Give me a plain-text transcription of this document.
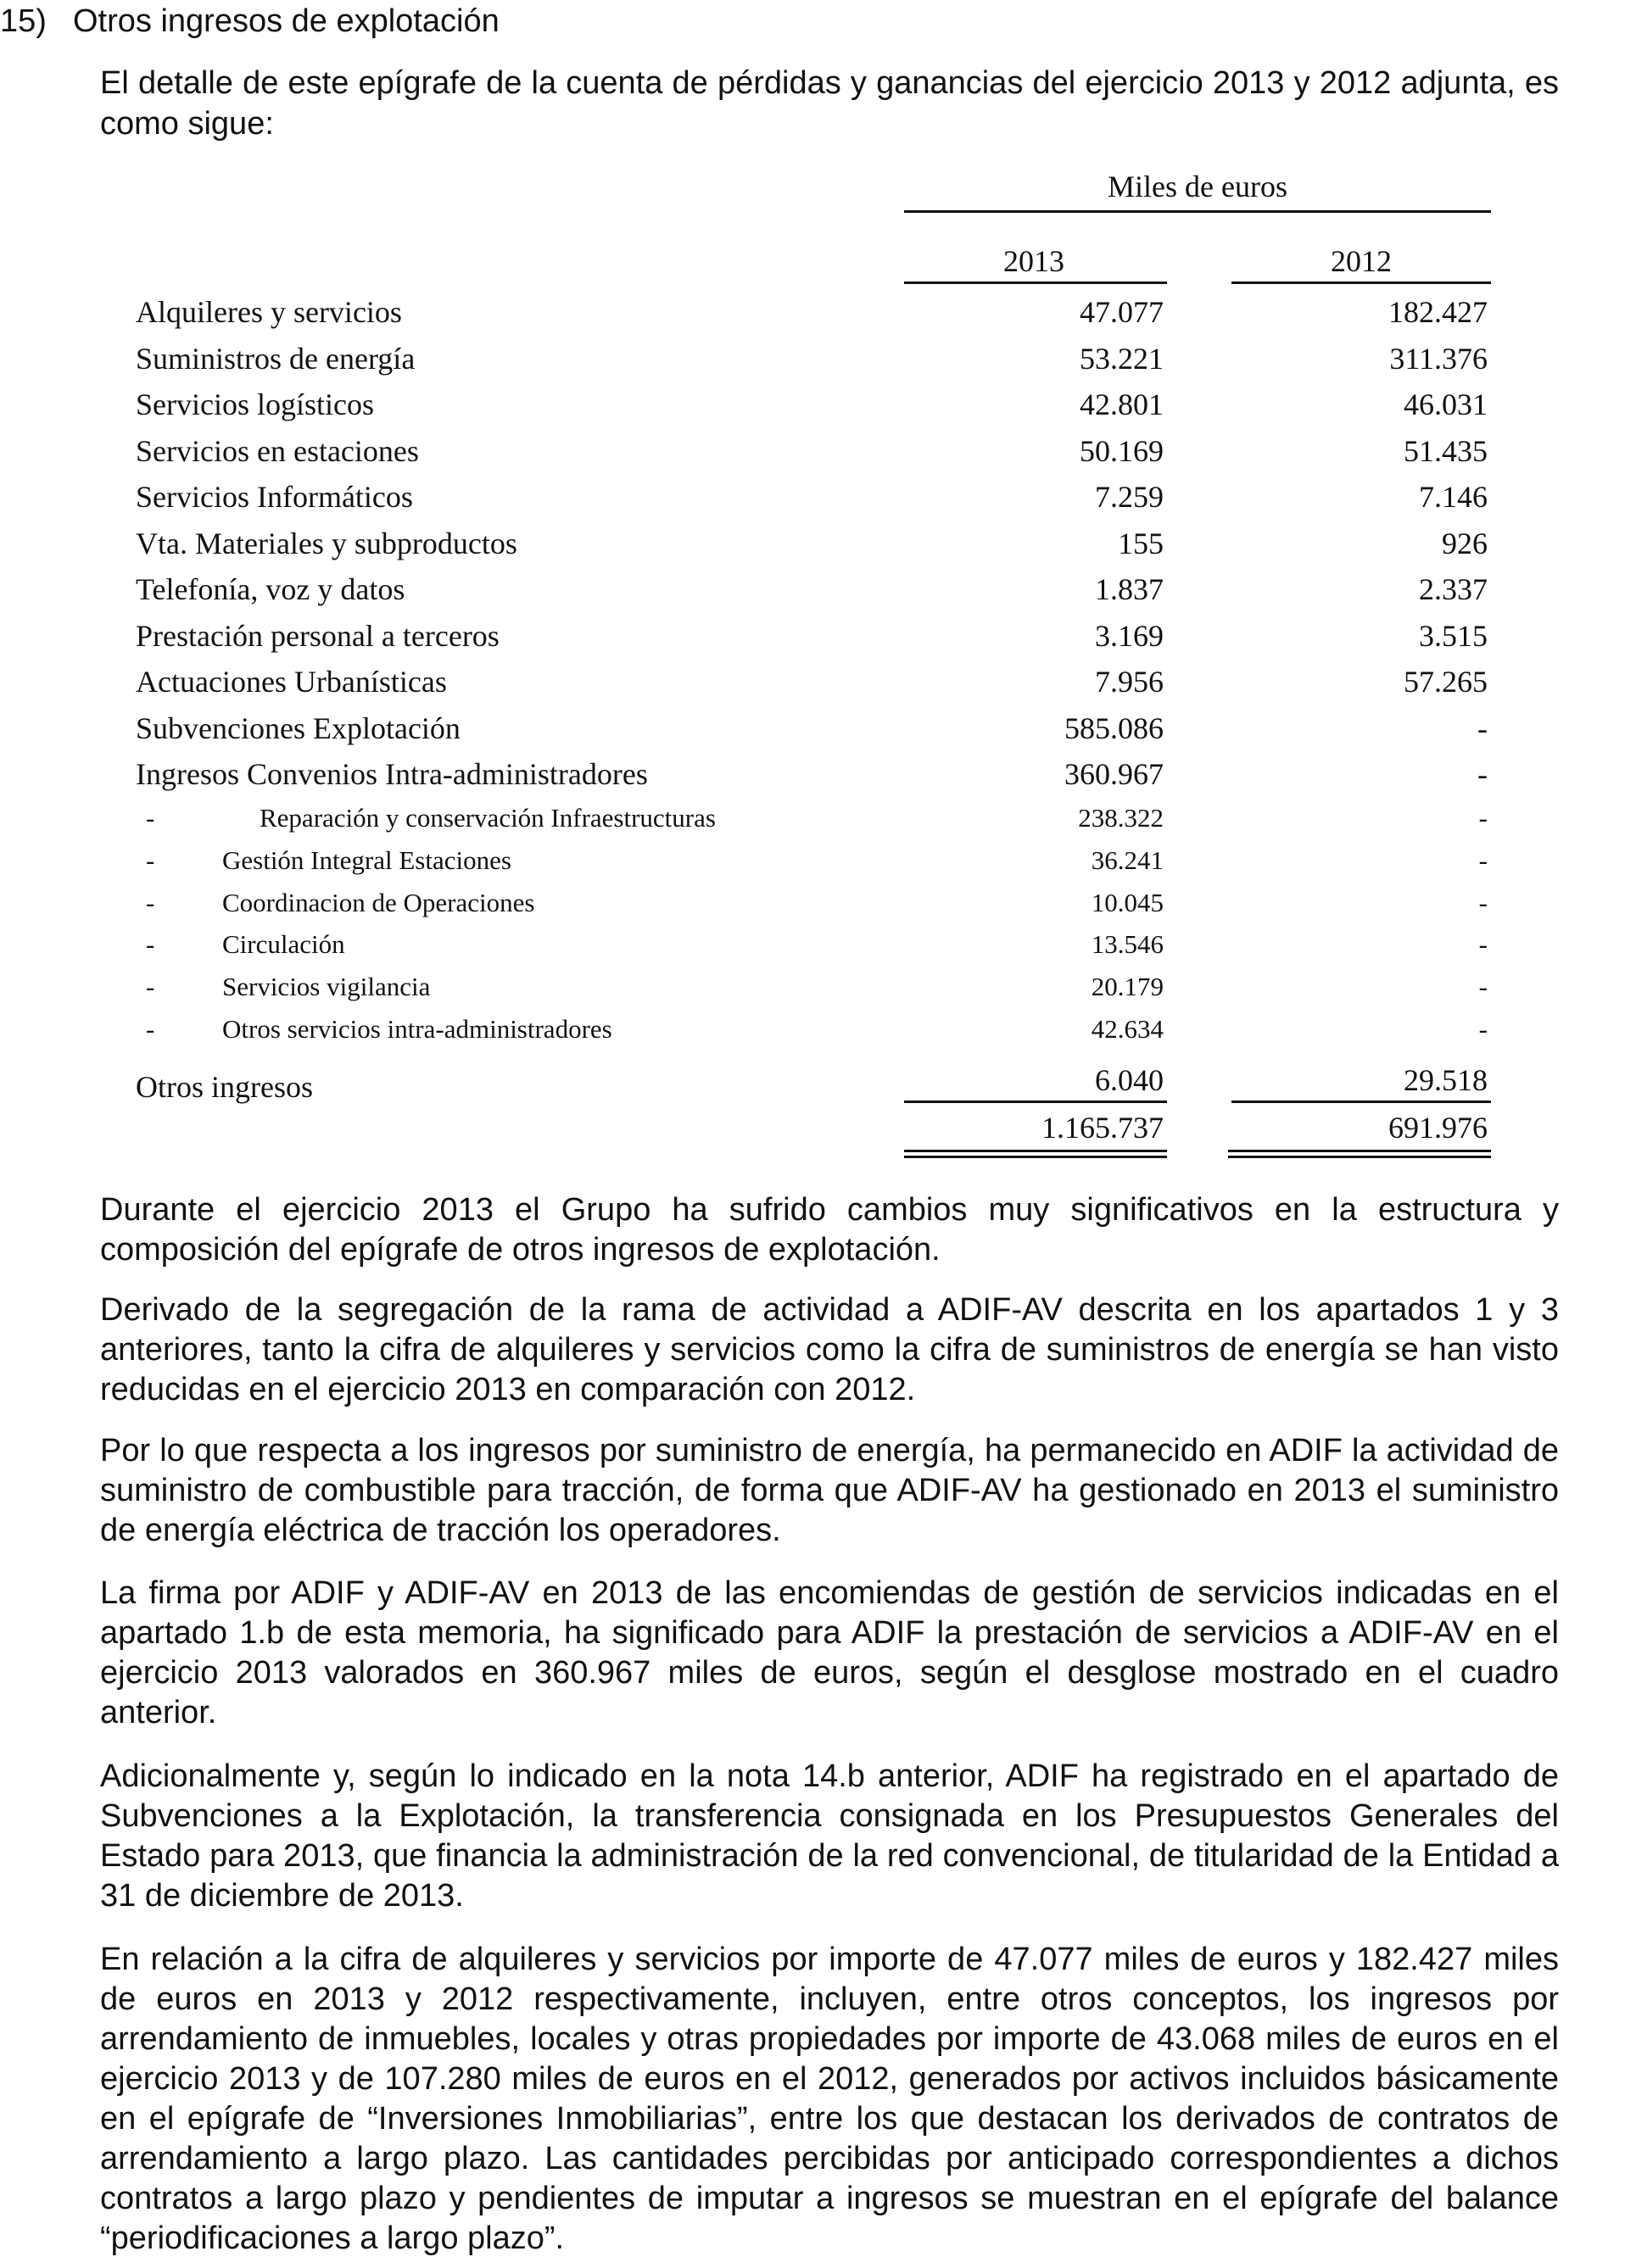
15) Otros ingresos de explotación

El detalle de este epígrafe de la cuenta de pérdidas y ganancias del ejercicio 2013 y 2012 adjunta, es como sigue:

Miles de euros
2013	2012
Alquileres y servicios	47.077	182.427
Suministros de energía	53.221	311.376
Servicios logísticos	42.801	46.031
Servicios en estaciones	50.169	51.435
Servicios Informáticos	7.259	7.146
Vta. Materiales y subproductos	155	926
Telefonía, voz y datos	1.837	2.337
Prestación personal a terceros	3.169	3.515
Actuaciones Urbanísticas	7.956	57.265
Subvenciones Explotación	585.086	-
Ingresos Convenios Intra-administradores	360.967	-
-	Reparación y conservación Infraestructuras	238.322	-
-	Gestión Integral Estaciones	36.241	-
-	Coordinacion de Operaciones	10.045	-
-	Circulación	13.546	-
-	Servicios vigilancia	20.179	-
-	Otros servicios intra-administradores	42.634	-
Otros ingresos	6.040	29.518
1.165.737	691.976

Durante el ejercicio 2013 el Grupo ha sufrido cambios muy significativos en la estructura y composición del epígrafe de otros ingresos de explotación.

Derivado de la segregación de la rama de actividad a ADIF-AV descrita en los apartados 1 y 3 anteriores, tanto la cifra de alquileres y servicios como la cifra de suministros de energía se han visto reducidas en el ejercicio 2013 en comparación con 2012.

Por lo que respecta a los ingresos por suministro de energía, ha permanecido en ADIF la actividad de suministro de combustible para tracción, de forma que ADIF-AV ha gestionado en 2013 el suministro de energía eléctrica de tracción los operadores.

La firma por ADIF y ADIF-AV en 2013 de las encomiendas de gestión de servicios indicadas en el apartado 1.b de esta memoria, ha significado para ADIF la prestación de servicios a ADIF-AV en el ejercicio 2013 valorados en 360.967 miles de euros, según el desglose mostrado en el cuadro anterior.

Adicionalmente y, según lo indicado en la nota 14.b anterior, ADIF ha registrado en el apartado de Subvenciones a la Explotación, la transferencia consignada en los Presupuestos Generales del Estado para 2013, que financia la administración de la red convencional, de titularidad de la Entidad a 31 de diciembre de 2013.

En relación a la cifra de alquileres y servicios por importe de 47.077 miles de euros y 182.427 miles de euros en 2013 y 2012 respectivamente, incluyen, entre otros conceptos, los ingresos por arrendamiento de inmuebles, locales y otras propiedades por importe de 43.068 miles de euros en el ejercicio 2013 y de 107.280 miles de euros en el 2012, generados por activos incluidos básicamente en el epígrafe de “Inversiones Inmobiliarias”, entre los que destacan los derivados de contratos de arrendamiento a largo plazo. Las cantidades percibidas por anticipado correspondientes a dichos contratos a largo plazo y pendientes de imputar a ingresos se muestran en el epígrafe del balance “periodificaciones a largo plazo”.
